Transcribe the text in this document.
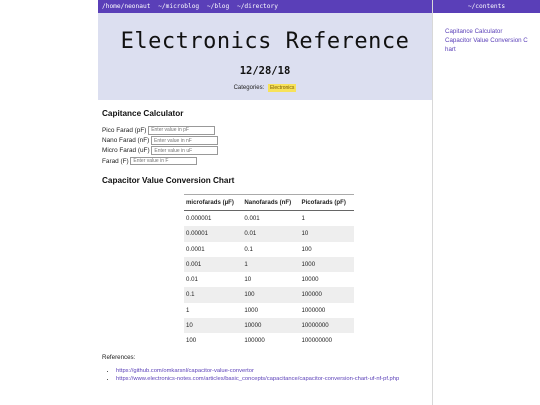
/home/neonaut ~/microblog ~/blog ~/directory
Electronics Reference
12/28/18
Categories: Electronics
Capitance Calculator
Pico Farad (pF) Enter value in pF
Nano Farad (nF) Enter value in nF
Micro Farad (uF) Enter value in uF
Farad (F) Enter value in F
Capacitor Value Conversion Chart
microfarads (µF)	Nanofarads (nF)	Picofarads (pF)
0.000001	0.001	1
0.00001	0.01	10
0.0001	0.1	100
0.001	1	1000
0.01	10	10000
0.1	100	100000
1	1000	1000000
10	10000	10000000
100	100000	100000000
References:
• https://github.com/omkarsnl/capacitor-value-convertor
• https://www.electronics-notes.com/articles/basic_concepts/capacitance/capacitor-conversion-chart-uf-nf-pf.php
~/contents
Capitance Calculator
Capacitor Value Conversion Chart
